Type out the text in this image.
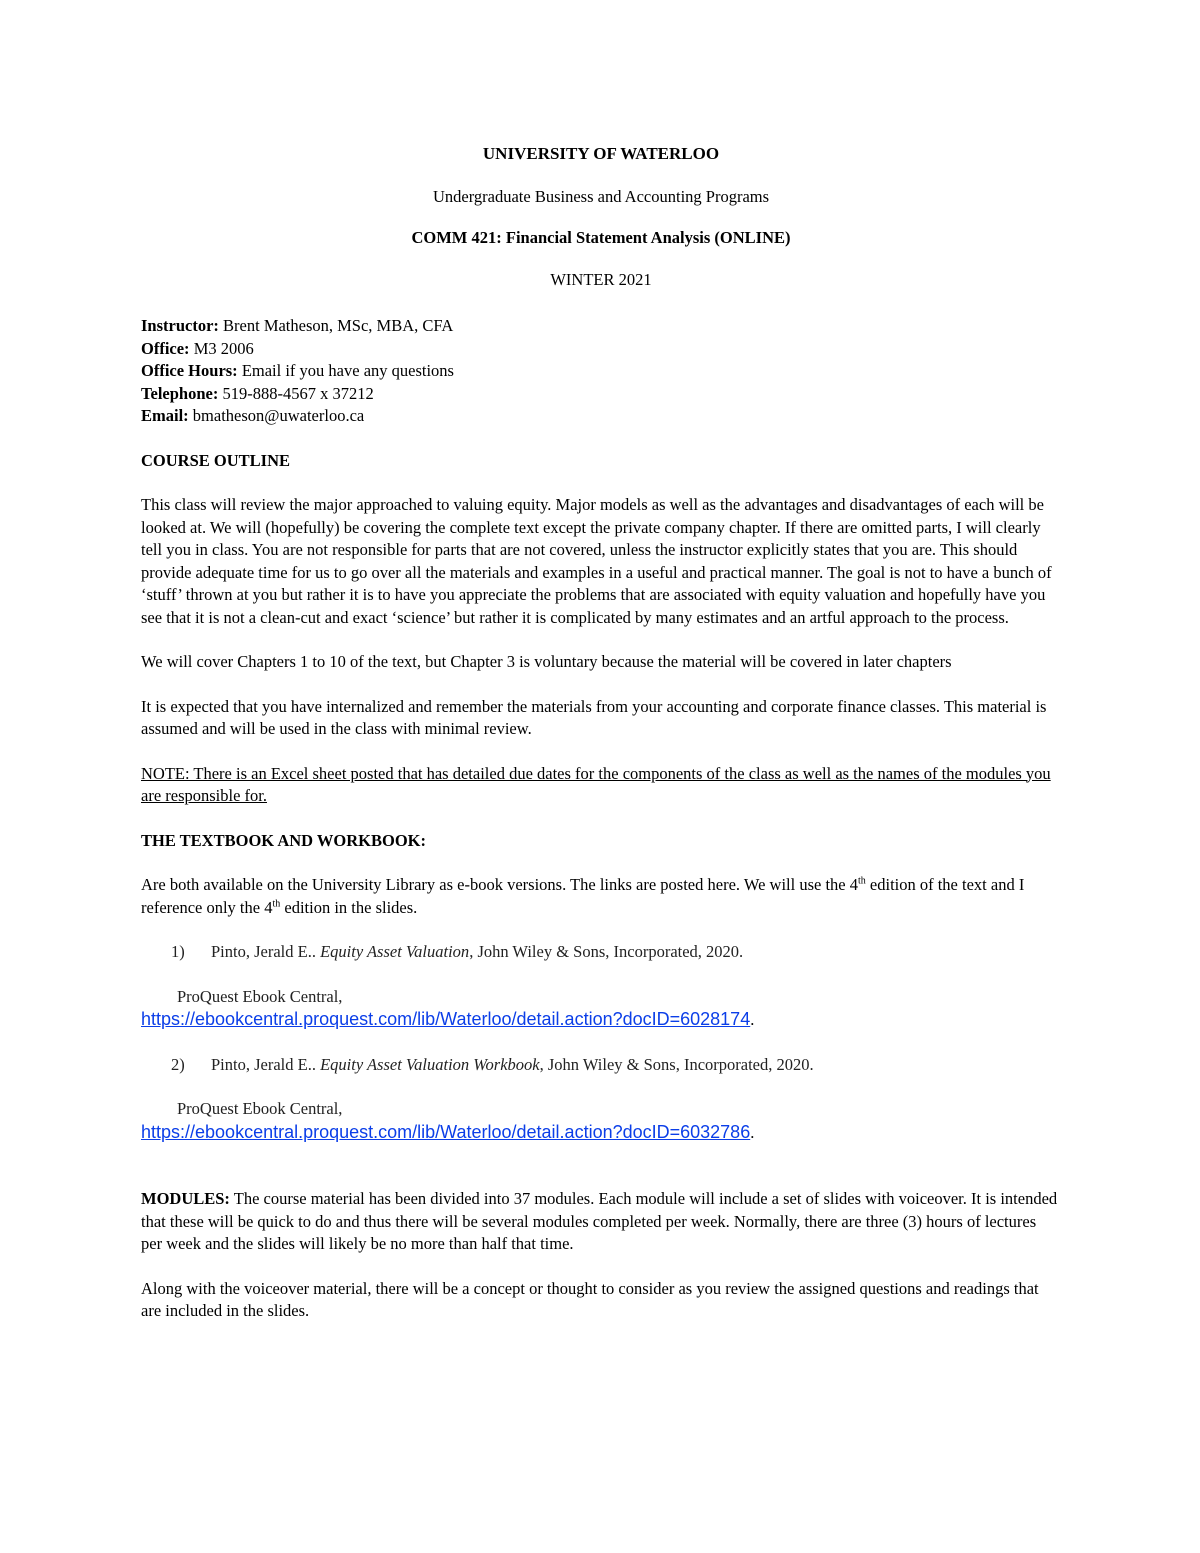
UNIVERSITY OF WATERLOO
Undergraduate Business and Accounting Programs
COMM 421: Financial Statement Analysis (ONLINE)
WINTER 2021
Instructor: Brent Matheson, MSc, MBA, CFA
Office: M3 2006
Office Hours: Email if you have any questions
Telephone: 519-888-4567 x 37212
Email: bmatheson@uwaterloo.ca
COURSE OUTLINE

This class will review the major approached to valuing equity. Major models as well as the advantages and disadvantages of each will be looked at. We will (hopefully) be covering the complete text except the private company chapter. If there are omitted parts, I will clearly tell you in class. You are not responsible for parts that are not covered, unless the instructor explicitly states that you are. This should provide adequate time for us to go over all the materials and examples in a useful and practical manner. The goal is not to have a bunch of ‘stuff’ thrown at you but rather it is to have you appreciate the problems that are associated with equity valuation and hopefully have you see that it is not a clean-cut and exact ‘science’ but rather it is complicated by many estimates and an artful approach to the process.

We will cover Chapters 1 to 10 of the text, but Chapter 3 is voluntary because the material will be covered in later chapters

It is expected that you have internalized and remember the materials from your accounting and corporate finance classes. This material is assumed and will be used in the class with minimal review.

NOTE: There is an Excel sheet posted that has detailed due dates for the components of the class as well as the names of the modules you are responsible for.

THE TEXTBOOK AND WORKBOOK:

Are both available on the University Library as e-book versions. The links are posted here. We will use the 4th edition of the text and I reference only the 4th edition in the slides.

1) Pinto, Jerald E.. Equity Asset Valuation, John Wiley & Sons, Incorporated, 2020.
ProQuest Ebook Central,
https://ebookcentral.proquest.com/lib/Waterloo/detail.action?docID=6028174.
2) Pinto, Jerald E.. Equity Asset Valuation Workbook, John Wiley & Sons, Incorporated, 2020.
ProQuest Ebook Central,
https://ebookcentral.proquest.com/lib/Waterloo/detail.action?docID=6032786.

MODULES: The course material has been divided into 37 modules. Each module will include a set of slides with voiceover. It is intended that these will be quick to do and thus there will be several modules completed per week. Normally, there are three (3) hours of lectures per week and the slides will likely be no more than half that time.

Along with the voiceover material, there will be a concept or thought to consider as you review the assigned questions and readings that are included in the slides.
